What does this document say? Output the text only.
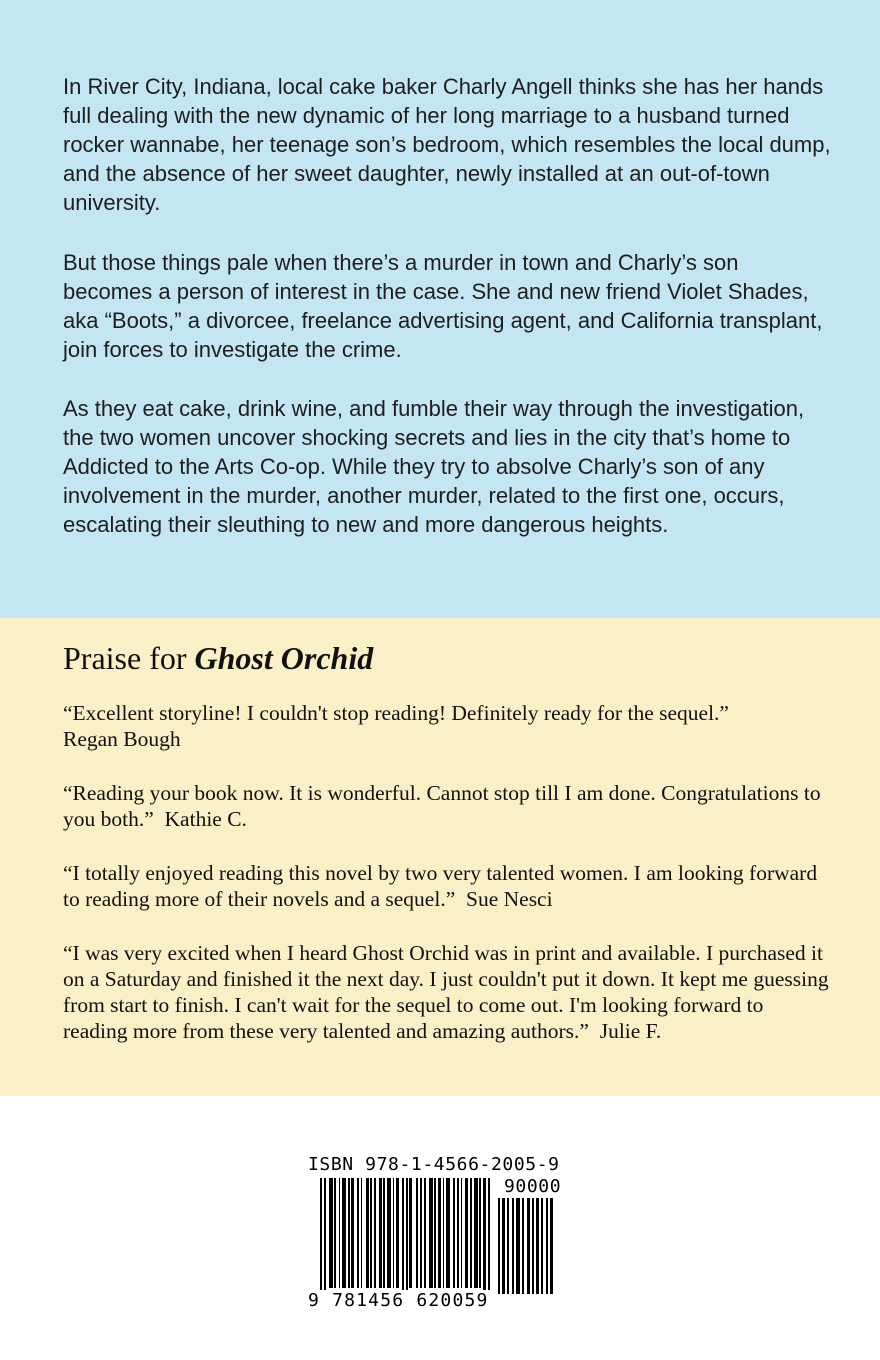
In River City, Indiana, local cake baker Charly Angell thinks she has her hands full dealing with the new dynamic of her long marriage to a husband turned rocker wannabe, her teenage son’s bedroom, which resembles the local dump, and the absence of her sweet daughter, newly installed at an out-of-town university.

But those things pale when there’s a murder in town and Charly’s son becomes a person of interest in the case. She and new friend Violet Shades, aka “Boots,” a divorcee, freelance advertising agent, and California transplant, join forces to investigate the crime.

As they eat cake, drink wine, and fumble their way through the investigation, the two women uncover shocking secrets and lies in the city that’s home to Addicted to the Arts Co-op. While they try to absolve Charly’s son of any involvement in the murder, another murder, related to the first one, occurs, escalating their sleuthing to new and more dangerous heights.

Praise for Ghost Orchid

“Excellent storyline! I couldn't stop reading! Definitely ready for the sequel.”
Regan Bough

“Reading your book now. It is wonderful. Cannot stop till I am done. Congratulations to you both.” Kathie C.

“I totally enjoyed reading this novel by two very talented women. I am looking forward to reading more of their novels and a sequel.” Sue Nesci

“I was very excited when I heard Ghost Orchid was in print and available. I purchased it on a Saturday and finished it the next day. I just couldn't put it down. It kept me guessing from start to finish. I can't wait for the sequel to come out. I'm looking forward to reading more from these very talented and amazing authors.” Julie F.

ISBN 978-1-4566-2005-9
90000
9 781456 620059
